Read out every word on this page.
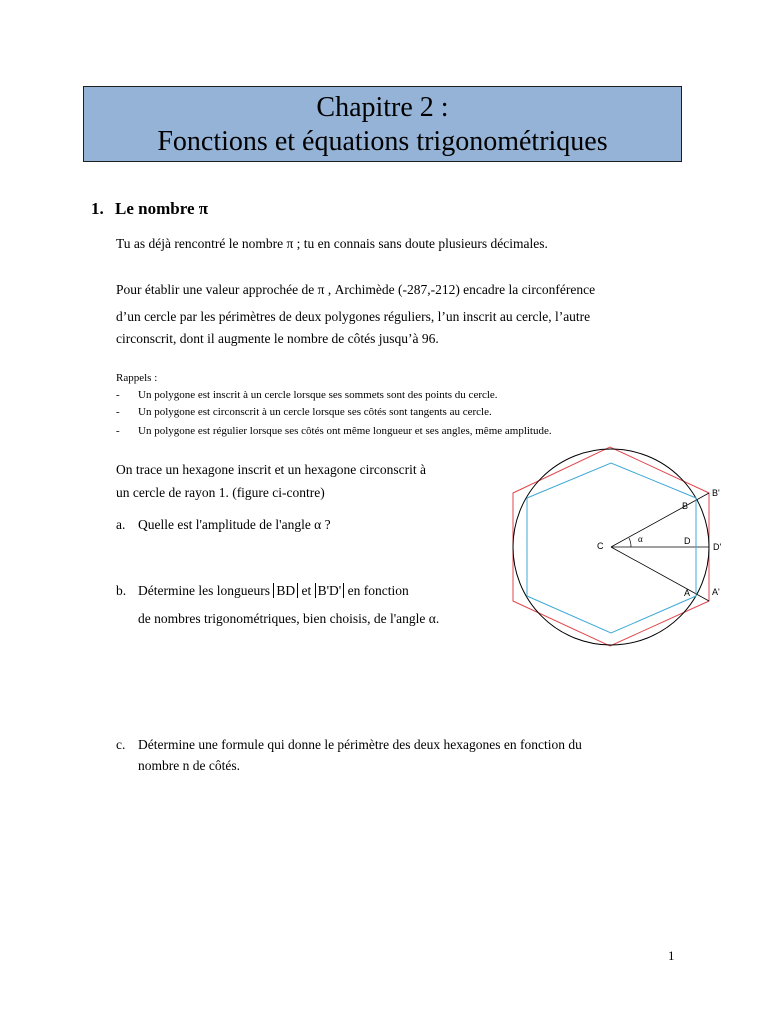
Chapitre 2 :
Fonctions et équations trigonométriques
1. Le nombre π
Tu as déjà rencontré le nombre π ; tu en connais sans doute plusieurs décimales.
Pour établir une valeur approchée de π , Archimède (-287,-212) encadre la circonférence
d’un cercle par les périmètres de deux polygones réguliers, l’un inscrit au cercle, l’autre
circonscrit, dont il augmente le nombre de côtés jusqu’à 96.
Rappels :
- Un polygone est inscrit à un cercle lorsque ses sommets sont des points du cercle.
- Un polygone est circonscrit à un cercle lorsque ses côtés sont tangents au cercle.
- Un polygone est régulier lorsque ses côtés ont même longueur et ses angles, même amplitude.
On trace un hexagone inscrit et un hexagone circonscrit à
un cercle de rayon 1. (figure ci-contre)
a. Quelle est l'amplitude de l'angle α ?
b. Détermine les longueurs BD et B'D' en fonction
de nombres trigonométriques, bien choisis, de l'angle α.
c. Détermine une formule qui donne le périmètre des deux hexagones en fonction du
nombre n de côtés.
C
α	D
D'
B
B'
A A'
1
